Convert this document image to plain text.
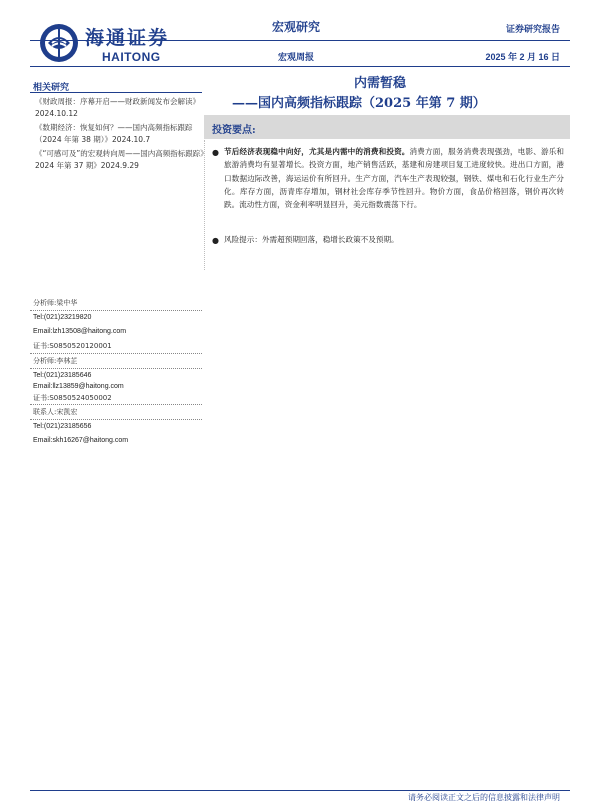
海通证券
HAITONG
宏观研究	证券研究报告
宏观周报	2025 年 2 月 16 日
内需暂稳
——国内高频指标跟踪（2025 年第 7 期）
相关研究
《财政周报：序幕开启——财政新闻发布会解读》2024.10.12
《数期经济：恢复如何？——国内高频指标跟踪（2024 年第 38 期）》2024.10.7
《“可感可及”的宏观转向周——国内高频指标跟踪》2024 年第 37 期》2024.9.29
分析师:梁中华
Tel:(021)23219820
Email:lzh13508@haitong.com
证书:S0850520120001
分析师:李林芷
Tel:(021)23185646
Email:llz13859@haitong.com
证书:S0850524050002
联系人:宋凯宏
Tel:(021)23185656
Email:skh16267@haitong.com
投资要点:
● 节后经济表现稳中向好，尤其是内需中的消费和投资。消费方面，服务消费表现强劲，电影、游乐和旅游消费均有显著增长。投资方面，地产销售活跃，基建和房建项目复工进度较快。进出口方面，港口数据边际改善，海运运价有所回升。生产方面，汽车生产表现较强，钢铁、煤电和石化行业生产分化。库存方面，沥青库存增加，钢材社会库存季节性回升。物价方面，食品价格回落，钢价再次转跌。流动性方面，资金利率明显回升，美元指数震荡下行。
● 风险提示：外需超预期回落，稳增长政策不及预期。
请务必阅读正文之后的信息披露和法律声明
